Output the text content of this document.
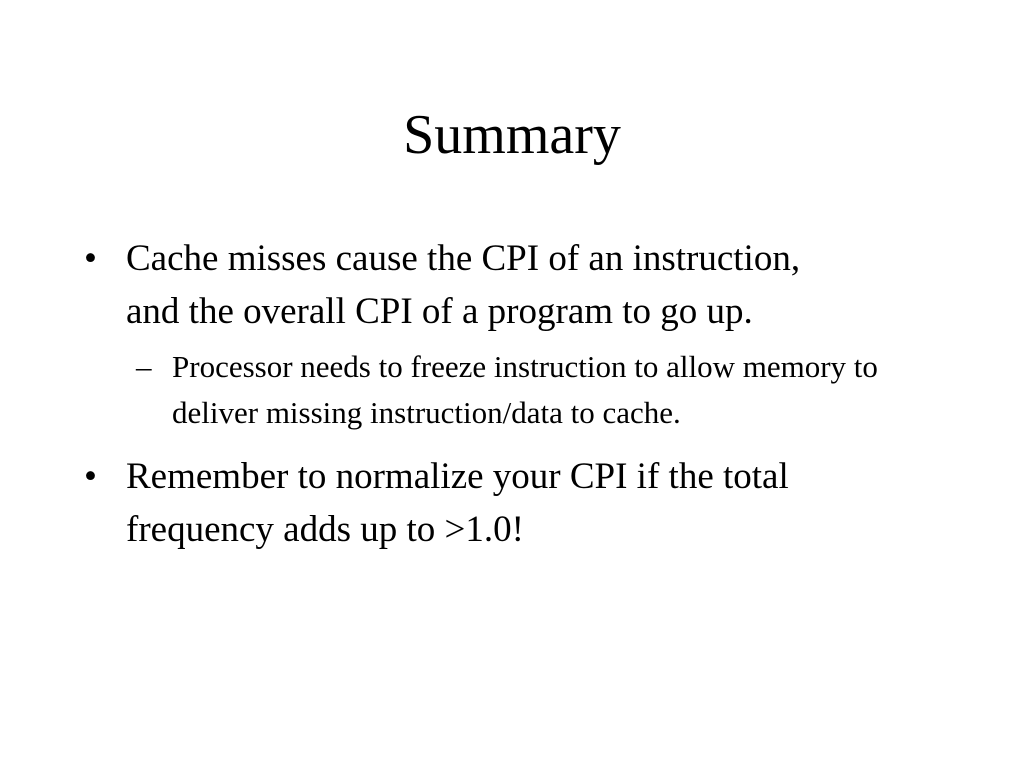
Summary
• Cache misses cause the CPI of an instruction, and the overall CPI of a program to go up.
– Processor needs to freeze instruction to allow memory to deliver missing instruction/data to cache.
• Remember to normalize your CPI if the total frequency adds up to >1.0!
